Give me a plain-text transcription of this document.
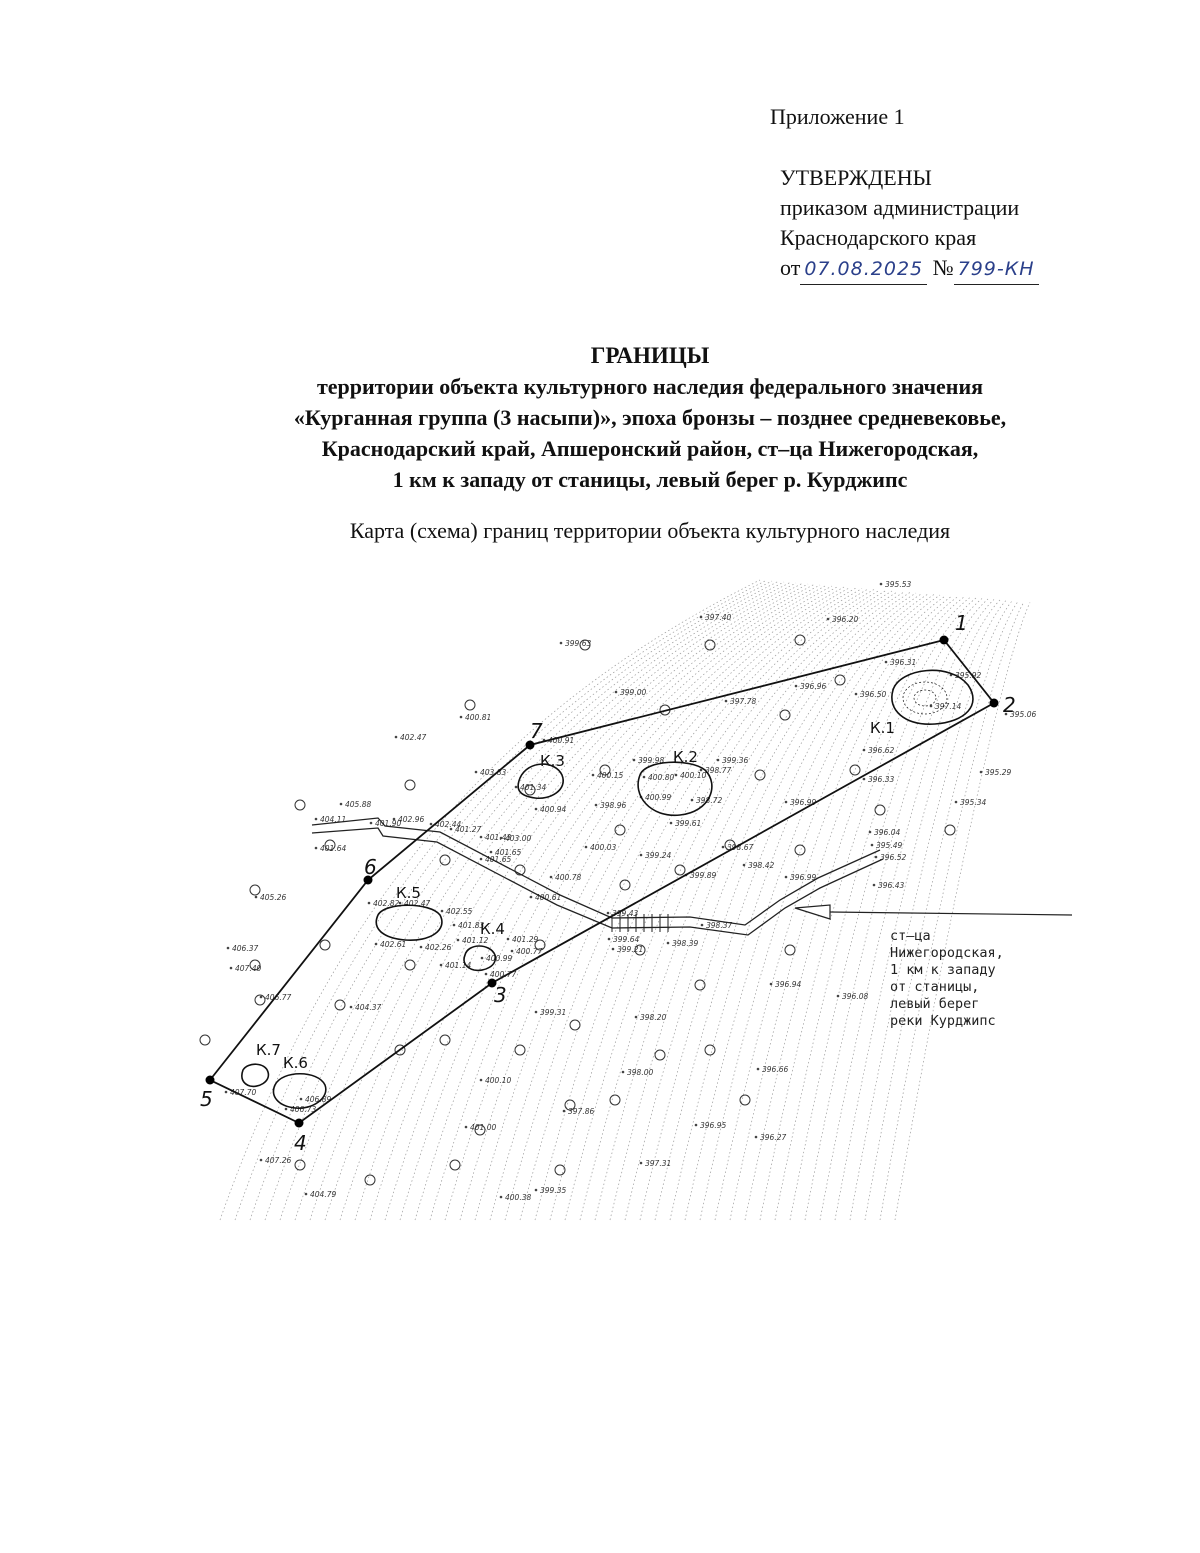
Приложение 1
УТВЕРЖДЕНЫ
приказом администрации
Краснодарского края
от 07.08.2025 № 799-КН
ГРАНИЦЫ
территории объекта культурного наследия федерального значения
«Курганная группа (3 насыпи)», эпоха бронзы – позднее средневековье,
Краснодарский край, Апшеронский район, ст–ца Нижегородская,
1 км к западу от станицы, левый берег р. Курджипс
Карта (схема) границ территории объекта культурного наследия
395.53
396.20
397.40
399.63
399.00
396.96
397.78
396.31
395.92
396.50
397.14
395.06
396.62
396.33
395.29
395.34
399.98
400.15	400.10
400.80
399.36
398.77
398.72
400.99
398.96
399.61
396.99
400.03
399.24
398.67
398.42
399.89
396.04
395.49
396.52
396.43
396.99
399.64
399.21
398.39
398.37
396.94
396.08
399.31
398.20
398.00	396.66
400.10
397.86
396.95
396.27
397.31
401.00
399.35
400.38
404.79
407.26
406.73
406.89
407.70
406.77
404.37
407.40
406.37
405.26
401.12	401.29
400.77
400.99
401.14
400.77
402.82 402.47
402.55
401.83
402.61	402.26
404.11	402.96
401.65
401.64
405.88
401.90	402.44
403.00
401.27
400.94
401.34
400.91
400.81
402.47
403.83
401.43
401.65
400.61
400.78
399.43
К.1
К.2
К.3
К.4
К.5
К.6
К.7
1
2
3
4
5
6
7
ст–ца
Нижегородская,
1 км к западу
от станицы,
левый берег
реки Курджипс
